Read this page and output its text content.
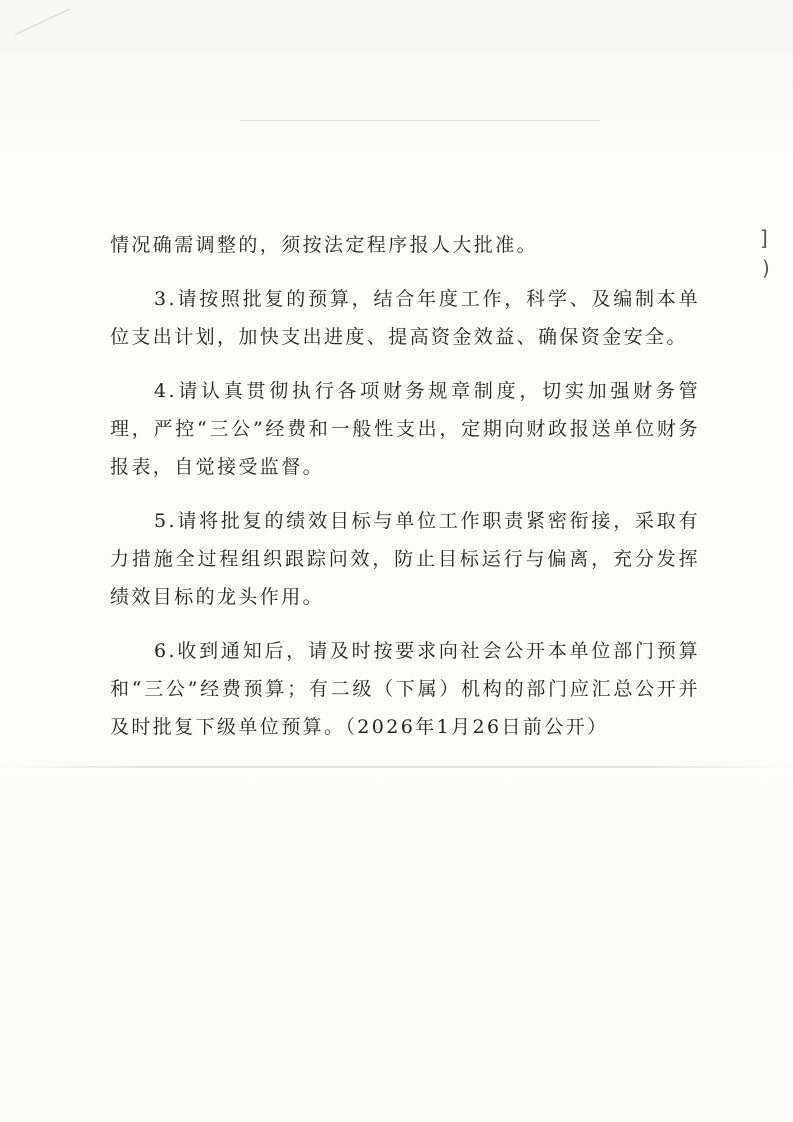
]
)

情况确需调整的，须按法定程序报人大批准。

3.请按照批复的预算，结合年度工作，科学、及编制本单位支出计划，加快支出进度、提高资金效益、确保资金安全。

4.请认真贯彻执行各项财务规章制度，切实加强财务管理，严控“三公”经费和一般性支出，定期向财政报送单位财务报表，自觉接受监督。

5.请将批复的绩效目标与单位工作职责紧密衔接，采取有力措施全过程组织跟踪问效，防止目标运行与偏离，充分发挥绩效目标的龙头作用。

6.收到通知后，请及时按要求向社会公开本单位部门预算和“三公”经费预算；有二级（下属）机构的部门应汇总公开并及时批复下级单位预算。（2026年1月26日前公开）
